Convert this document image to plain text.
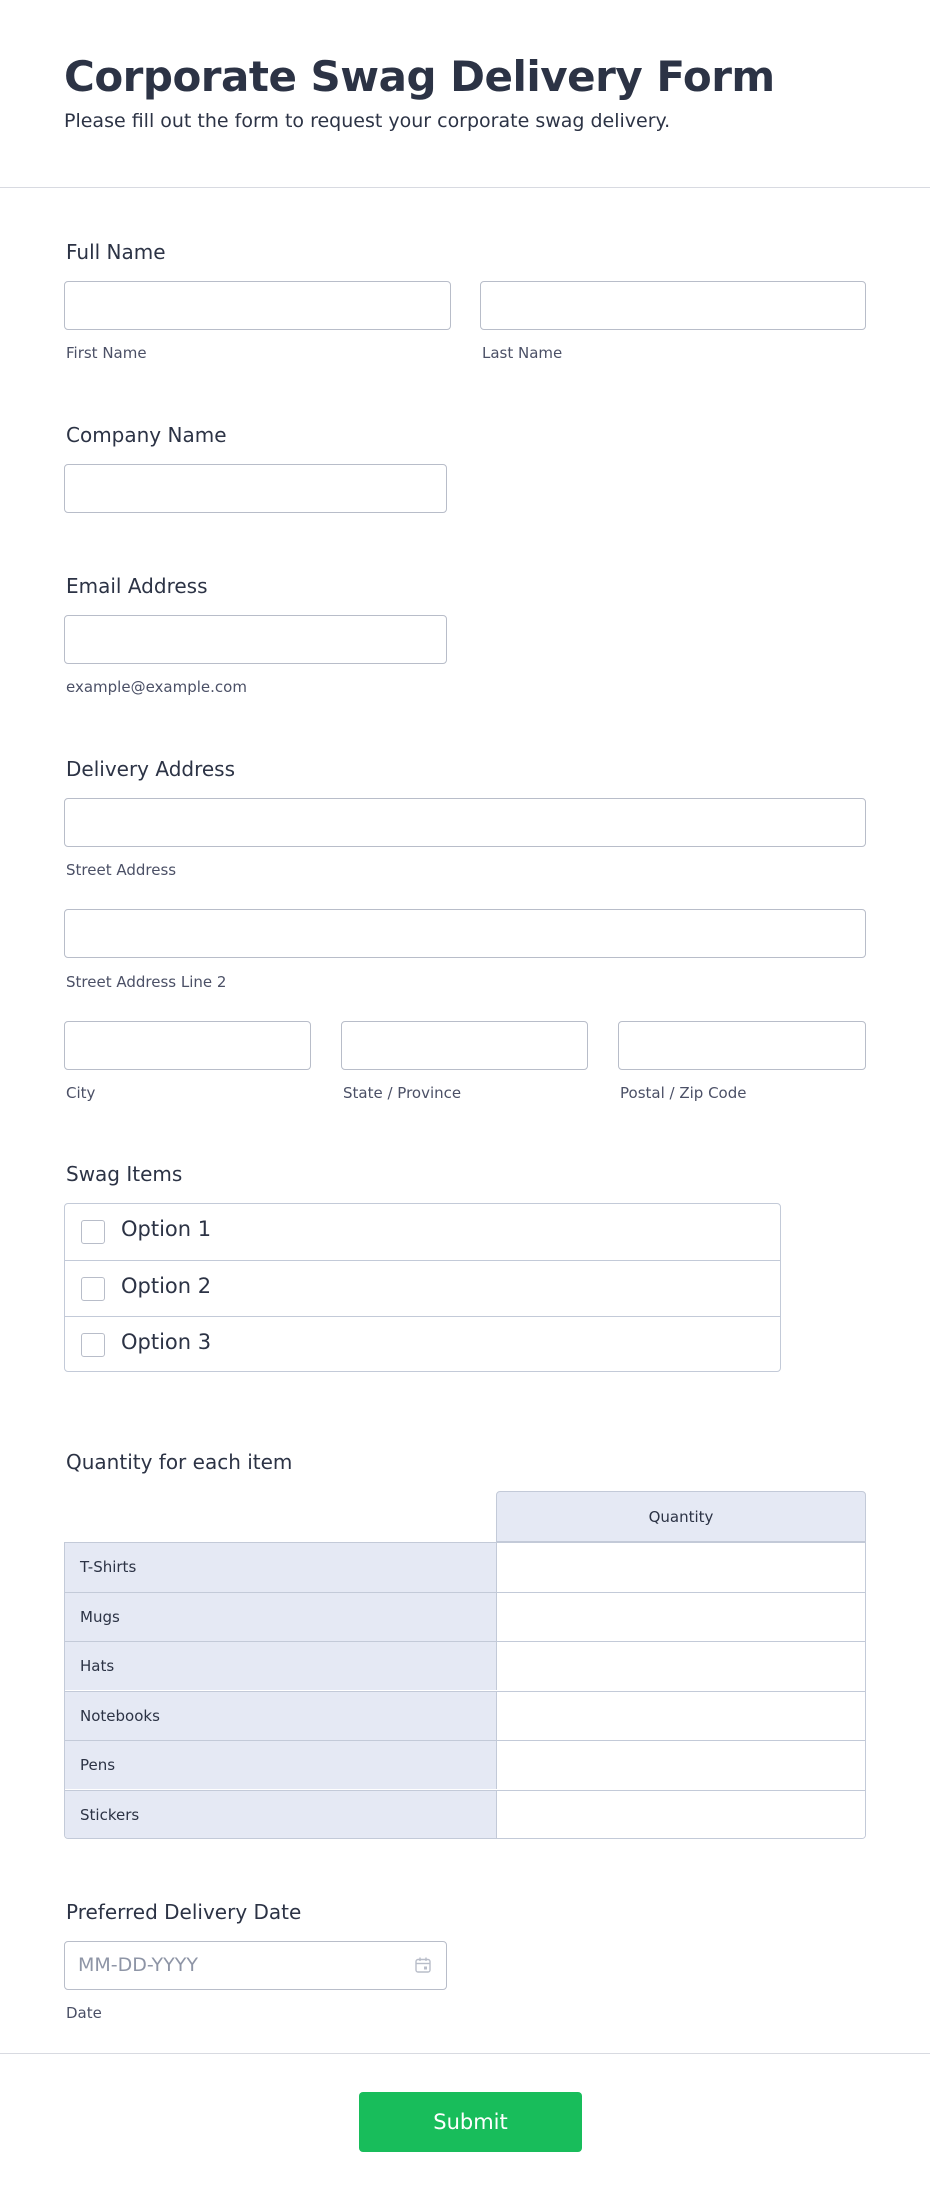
Corporate Swag Delivery Form

Please fill out the form to request your corporate swag delivery.

Full Name
First Name	Last Name
Company Name
Email Address
example@example.com
Delivery Address
Street Address
Street Address Line 2
City	State / Province	Postal / Zip Code
Swag Items
Option 1
Option 2
Option 3
Quantity for each item
Quantity
T-Shirts
Mugs
Hats
Notebooks
Pens
Stickers
Preferred Delivery Date
MM-DD-YYYY
Date
Submit
